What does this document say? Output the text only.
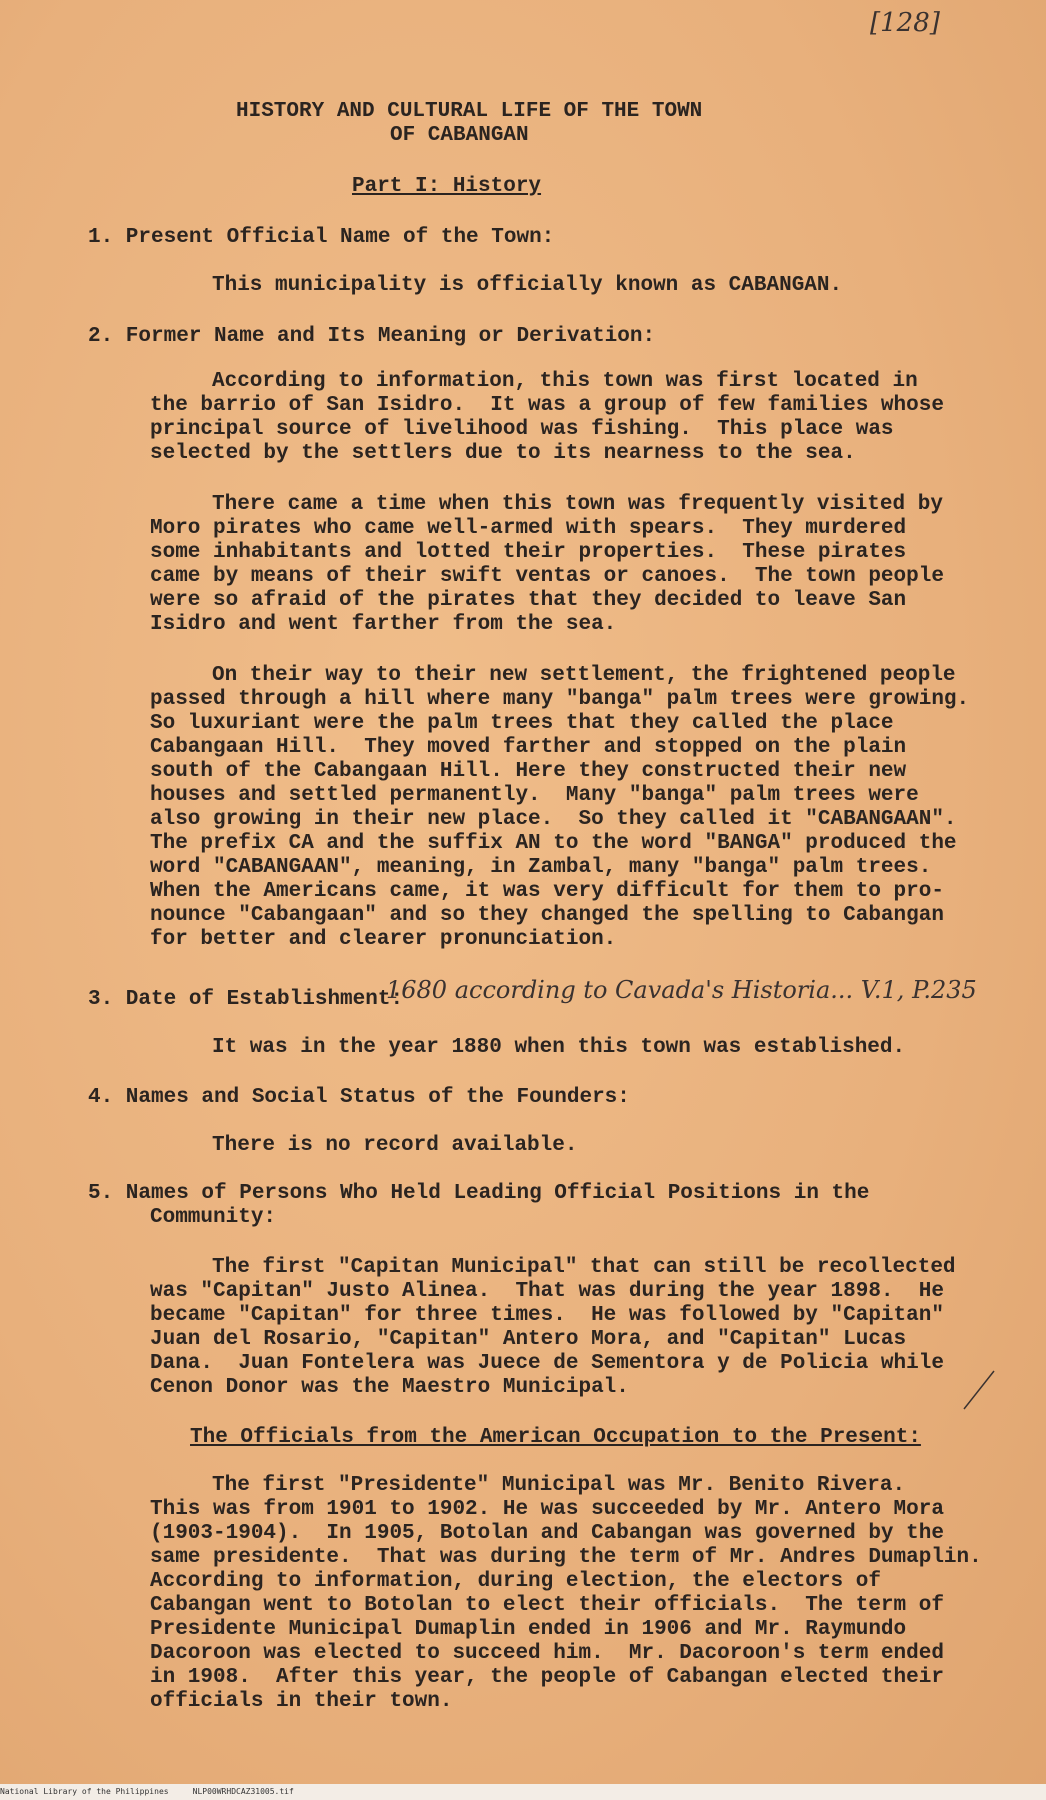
[128]
HISTORY AND CULTURAL LIFE OF THE TOWN
OF CABANGAN
Part I: History
1. Present Official Name of the Town:
This municipality is officially known as CABANGAN.
2. Former Name and Its Meaning or Derivation:
According to information, this town was first located in
the barrio of San Isidro.  It was a group of few families whose
principal source of livelihood was fishing.  This place was
selected by the settlers due to its nearness to the sea.
There came a time when this town was frequently visited by
Moro pirates who came well-armed with spears.  They murdered
some inhabitants and lotted their properties.  These pirates
came by means of their swift ventas or canoes.  The town people
were so afraid of the pirates that they decided to leave San
Isidro and went farther from the sea.
On their way to their new settlement, the frightened people
passed through a hill where many "banga" palm trees were growing.
So luxuriant were the palm trees that they called the place
Cabangaan Hill.  They moved farther and stopped on the plain
south of the Cabangaan Hill. Here they constructed their new
houses and settled permanently.  Many "banga" palm trees were
also growing in their new place.  So they called it "CABANGAAN".
The prefix CA and the suffix AN to the word "BANGA" produced the
word "CABANGAAN", meaning, in Zambal, many "banga" palm trees.
When the Americans came, it was very difficult for them to pro-
nounce "Cabangaan" and so they changed the spelling to Cabangan
for better and clearer pronunciation.
3. Date of Establishment:
1680 according to Cavada's Historia... V.1, P.235
It was in the year 1880 when this town was established.
4. Names and Social Status of the Founders:
There is no record available.
5. Names of Persons Who Held Leading Official Positions in the
Community:
The first "Capitan Municipal" that can still be recollected
was "Capitan" Justo Alinea.  That was during the year 1898.  He
became "Capitan" for three times.  He was followed by "Capitan"
Juan del Rosario, "Capitan" Antero Mora, and "Capitan" Lucas
Dana.  Juan Fontelera was Juece de Sementora y de Policia while
Cenon Donor was the Maestro Municipal.
The Officials from the American Occupation to the Present:
The first "Presidente" Municipal was Mr. Benito Rivera.
This was from 1901 to 1902. He was succeeded by Mr. Antero Mora
(1903-1904).  In 1905, Botolan and Cabangan was governed by the
same presidente.  That was during the term of Mr. Andres Dumaplin.
According to information, during election, the electors of
Cabangan went to Botolan to elect their officials.  The term of
Presidente Municipal Dumaplin ended in 1906 and Mr. Raymundo
Dacoroon was elected to succeed him.  Mr. Dacoroon's term ended
in 1908.  After this year, the people of Cabangan elected their
officials in their town.
National Library of the Philippines     NLP00WRHDCAZ31005.tif
